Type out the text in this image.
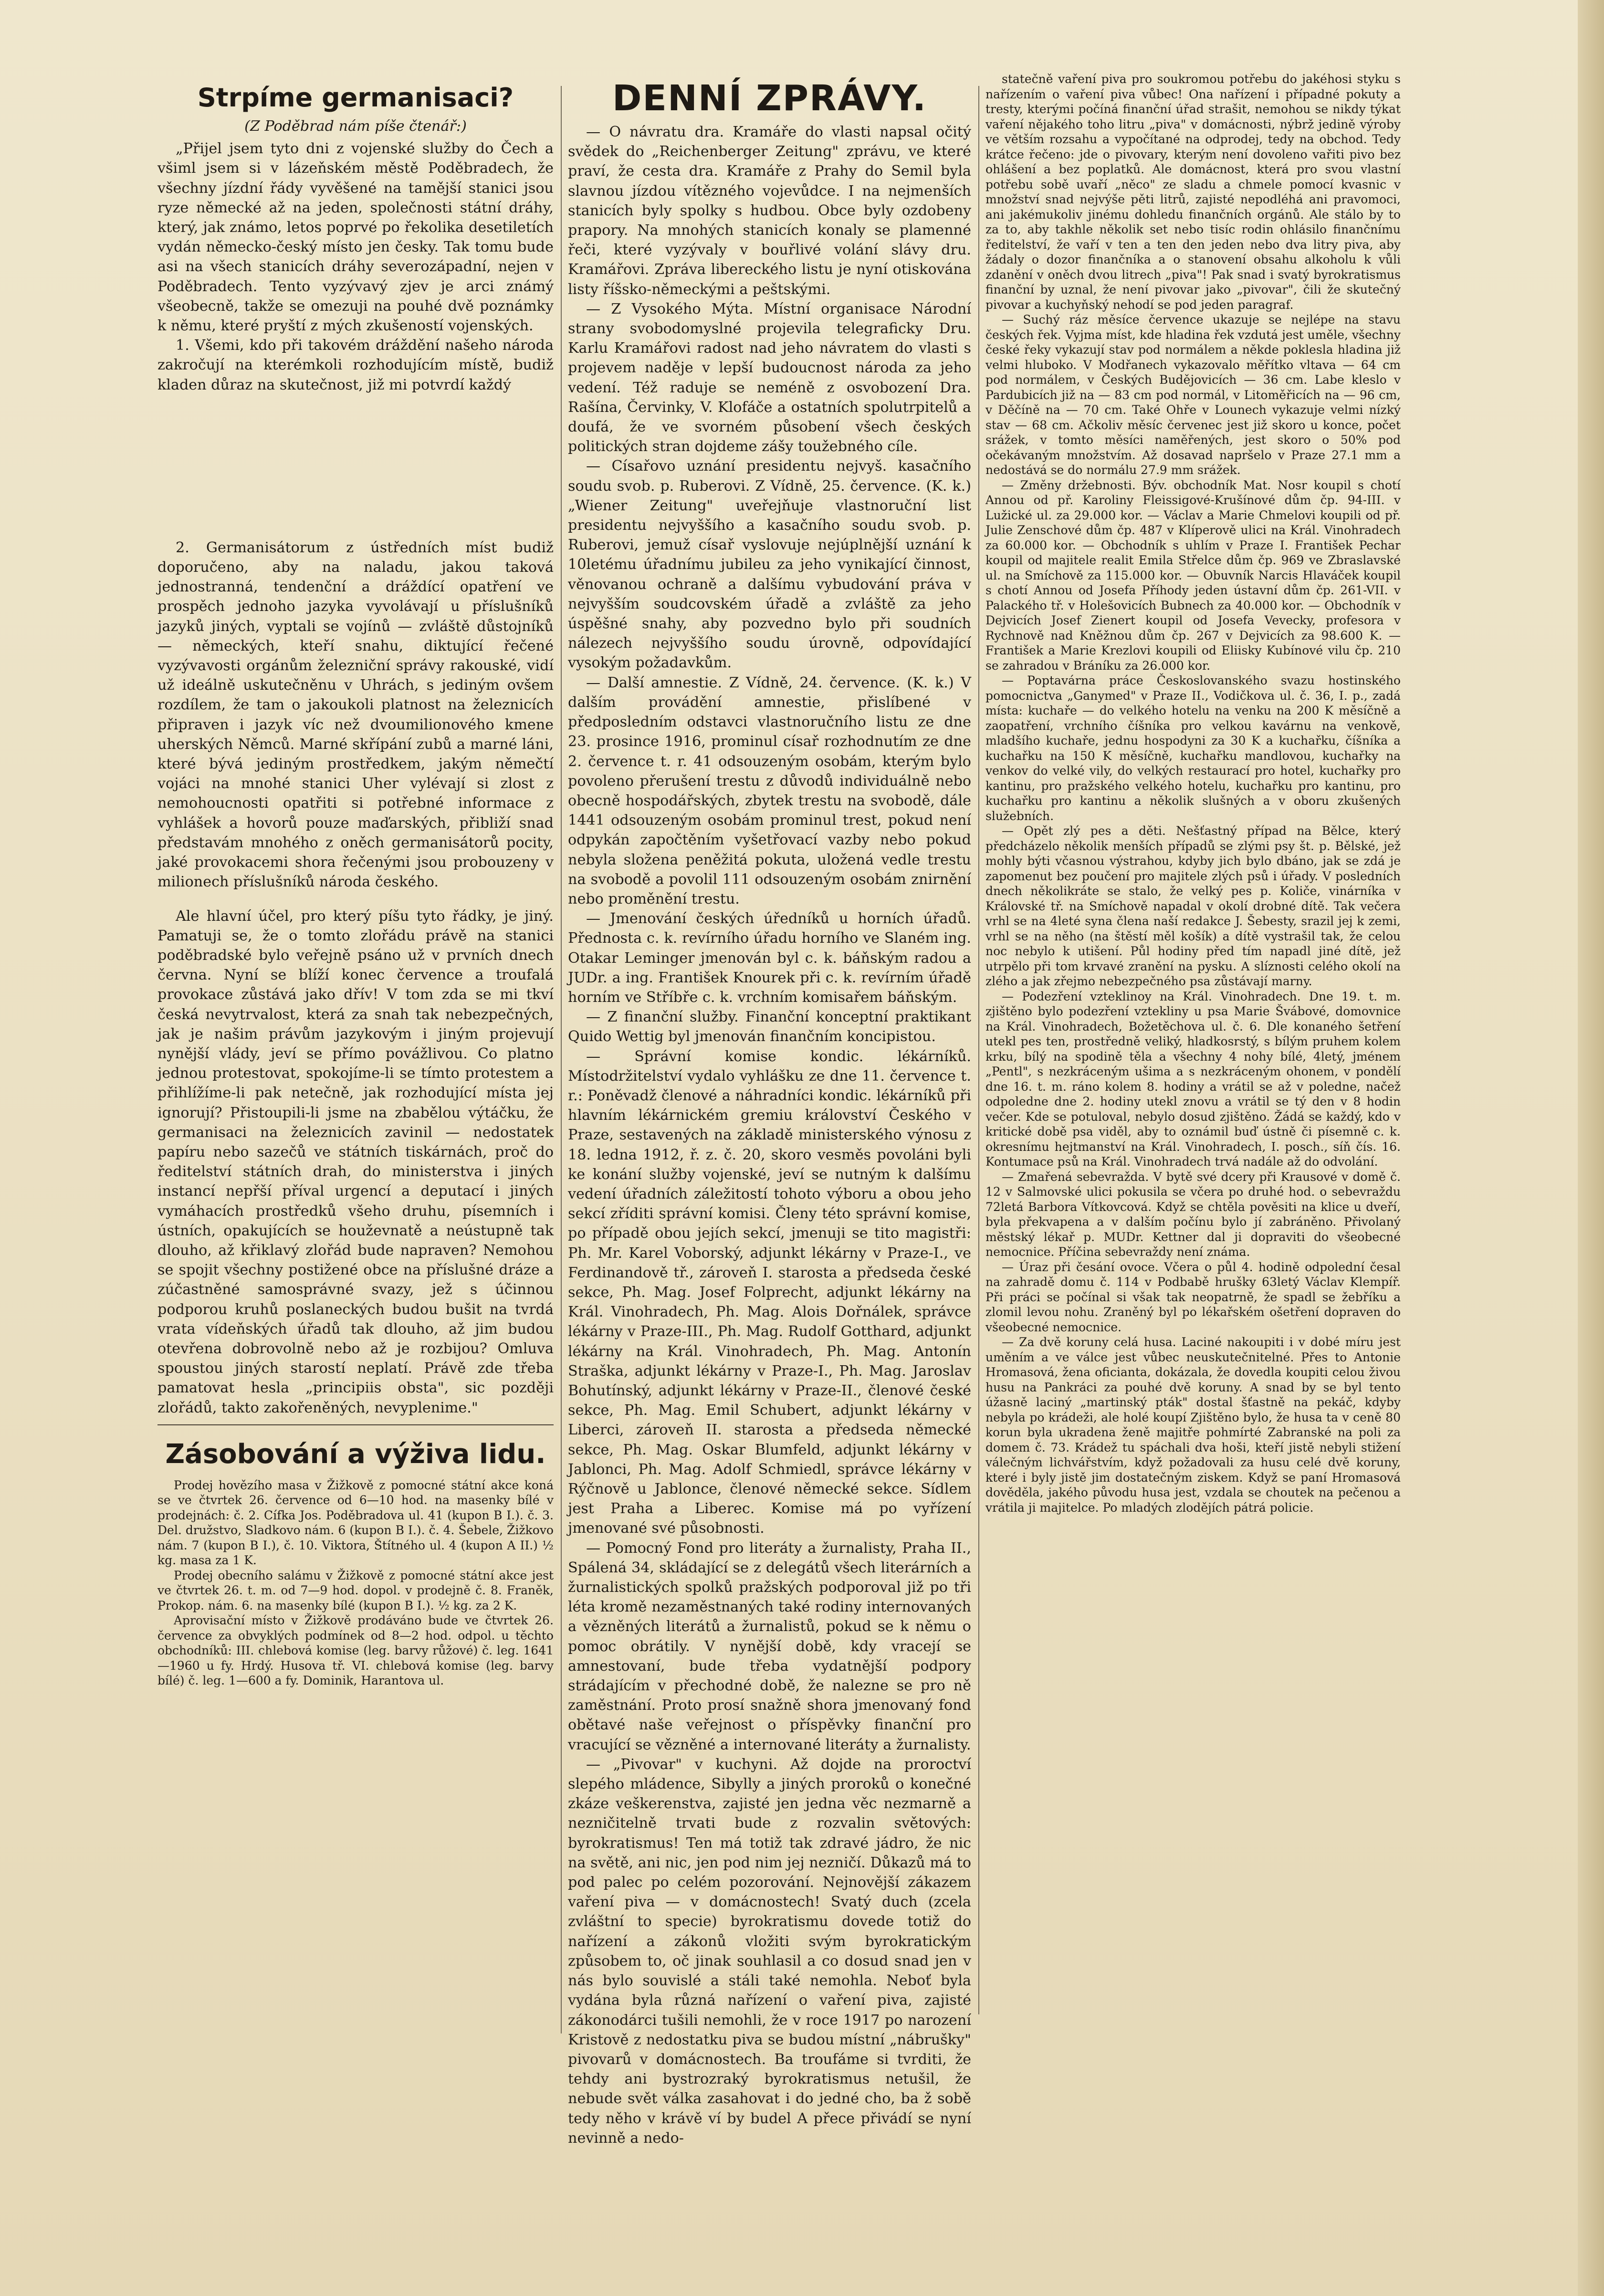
Strpíme germanisaci?
(Z Poděbrad nám píše čtenář:)

„Přijel jsem tyto dni z vojenské služby do Čech a všiml jsem si v lázeňském městě Poděbradech, že všechny jízdní řády vyvěšené na tamější stanici jsou ryze německé až na jeden, společnosti státní dráhy, který, jak známo, letos poprvé po řekolika desetiletích vydán německo-český místo jen česky. Tak tomu bude asi na všech stanicích dráhy severozápadní, nejen v Poděbradech. Tento vyzývavý zjev je arci známý všeobecně, takže se omezuji na pouhé dvě poznámky k němu, které pryští z mých zkušeností vojenských.

1. Všemi, kdo při takovém dráždění našeho národa zakročují na kterémkoli rozhodujícím místě, budiž kladen důraz na skutečnost, již mi potvrdí každý

2. Germanisátorum z ústředních míst budiž doporučeno, aby na naladu, jakou taková jednostranná, tendenční a dráždící opatření ve prospěch jednoho jazyka vyvolávají u příslušníků jazyků jiných, vyptali se vojínů — zvláště důstojníků — německých, kteří snahu, diktující řečené vyzývavosti orgánům železniční správy rakouské, vidí už ideálně uskutečněnu v Uhrách, s jediným ovšem rozdílem, že tam o jakoukoli platnost na železnicích připraven i jazyk víc než dvoumilionového kmene uherských Němců. Marné skřípání zubů a marné láni, které bývá jediným prostředkem, jakým němečtí vojáci na mnohé stanici Uher vylévají si zlost z nemohoucnosti opatřiti si potřebné informace z vyhlášek a hovorů pouze maďarských, přibliží snad představám mnohého z oněch germanisátorů pocity, jaké provokacemi shora řečenými jsou probouzeny v milionech příslušníků národa českého.

Ale hlavní účel, pro který píšu tyto řádky, je jiný. Pamatuji se, že o tomto zlořádu právě na stanici poděbradské bylo veřejně psáno už v prvních dnech června. Nyní se blíží konec července a troufalá provokace zůstává jako dřív! V tom zda se mi tkví česká nevytrvalost, která za snah tak nebezpečných, jak je našim právům jazykovým i jiným projevují nynější vlády, jeví se přímo povážlivou. Co platno jednou protestovat, spokojíme-li se tímto protestem a přihlížíme-li pak netečně, jak rozhodující místa jej ignorují? Přistoupili-li jsme na zbabělou výtáčku, že germanisaci na železnicích zavinil — nedostatek papíru nebo sazečů ve státních tiskárnách, proč do ředitelství státních drah, do ministerstva i jiných instancí nepřší příval urgencí a deputací i jiných vymáhacích prostředků všeho druhu, písemních i ústních, opakujících se houževnatě a neústupně tak dlouho, až křiklavý zlořád bude napraven? Nemohou se spojit všechny postižené obce na příslušné dráze a zúčastněné samosprávné svazy, jež s účinnou podporou kruhů poslaneckých budou bušit na tvrdá vrata vídeňských úřadů tak dlouho, až jim budou otevřena dobrovolně nebo až je rozbijou? Omluva spoustou jiných starostí neplatí. Právě zde třeba pamatovat hesla „principiis obsta", sic později zlořádů, takto zakořeněných, nevyplenime."

Zásobování a výživa lidu.

Prodej hovězího masa v Žižkově z pomocné státní akce koná se ve čtvrtek 26. července od 6—10 hod. na masenky bílé v prodejnách: č. 2. Cífka Jos. Poděbradova ul. 41 (kupon B I.). č. 3. Del. družstvo, Sladkovo nám. 6 (kupon B I.). č. 4. Šebele, Žižkovo nám. 7 (kupon B I.), č. 10. Viktora, Štítného ul. 4 (kupon A II.) ½ kg. masa za 1 K.

Prodej obecního salámu v Žižkově z pomocné státní akce jest ve čtvrtek 26. t. m. od 7—9 hod. dopol. v prodejně č. 8. Franěk, Prokop. nám. 6. na masenky bílé (kupon B I.). ½ kg. za 2 K.

Aprovisační místo v Žižkově prodáváno bude ve čtvrtek 26. července za obvyklých podmínek od 8—2 hod. odpol. u těchto obchodníků: III. chlebová komise (leg. barvy růžové) č. leg. 1641—1960 u fy. Hrdý. Husova tř. VI. chlebová komise (leg. barvy bílé) č. leg. 1—600 a fy. Dominik, Harantova ul.

DENNÍ ZPRÁVY.

— O návratu dra. Kramáře do vlasti napsal očitý svědek do „Reichenberger Zeitung" zprávu, ve které praví, že cesta dra. Kramáře z Prahy do Semil byla slavnou jízdou vítězného vojevůdce. I na nejmenších stanicích byly spolky s hudbou. Obce byly ozdobeny prapory. Na mnohých stanicích konaly se plamenné řeči, které vyzývaly v bouřlivé volání slávy dru. Kramářovi. Zpráva libereckého listu je nyní otiskována listy říšsko-německými a peštskými.

— Z Vysokého Mýta. Místní organisace Národní strany svobodomyslné projevila telegraficky Dru. Karlu Kramářovi radost nad jeho návratem do vlasti s projevem naděje v lepší budoucnost národa za jeho vedení. Též raduje se neméně z osvobození Dra. Rašína, Červinky, V. Klofáče a ostatních spolutrpitelů a doufá, že ve svorném působení všech českých politických stran dojdeme zášy toužebného cíle.

— Císařovo uznání presidentu nejvyš. kasačního soudu svob. p. Ruberovi. Z Vídně, 25. července. (K. k.) „Wiener Zeitung" uveřejňuje vlastnoruční list presidentu nejvyššího a kasačního soudu svob. p. Ruberovi, jemuž císař vyslovuje nejúplnější uznání k 10letému úřadnímu jubileu za jeho vynikající činnost, věnovanou ochraně a dalšímu vybudování práva v nejvyšším soudcovském úřadě a zvláště za jeho úspěšné snahy, aby pozvedno bylo při soudních nálezech nejvyššího soudu úrovně, odpovídající vysokým požadavkům.

— Další amnestie. Z Vídně, 24. července. (K. k.) V dalším provádění amnestie, přislíbené v předposledním odstavci vlastnoručního listu ze dne 23. prosince 1916, prominul císař rozhodnutím ze dne 2. července t. r. 41 odsouzeným osobám, kterým bylo povoleno přerušení trestu z důvodů individuálně nebo obecně hospodářských, zbytek trestu na svobodě, dále 1441 odsouzeným osobám prominul trest, pokud není odpykán započtěním vyšetřovací vazby nebo pokud nebyla složena peněžitá pokuta, uložená vedle trestu na svobodě a povolil 111 odsouzeným osobám znirnění nebo proměnění trestu.

— Jmenování českých úředníků u horních úřadů. Přednosta c. k. revírního úřadu horního ve Slaném ing. Otakar Leminger jmenován byl c. k. báňským radou a JUDr. a ing. František Knourek při c. k. revírním úřadě horním ve Stříbře c. k. vrchním komisařem báňským.

— Z finanční služby. Finanční konceptní praktikant Quido Wettig byl jmenován finančním koncipistou.

— Správní komise kondic. lékárníků. Místodržitelství vydalo vyhlášku ze dne 11. července t. r.: Poněvadž členové a náhradníci kondic. lékárníků při hlavním lékárnickém gremiu království Českého v Praze, sestavených na základě ministerského výnosu z 18. ledna 1912, ř. z. č. 20, skoro vesměs povoláni byli ke konání služby vojenské, jeví se nutným k dalšímu vedení úřadních záležitostí tohoto výboru a obou jeho sekcí zříditi správní komisi. Členy této správní komise, po případě obou jejích sekcí, jmenuji se tito magistři: Ph. Mr. Karel Voborský, adjunkt lékárny v Praze-I., ve Ferdinandově tř., zároveň I. starosta a předseda české sekce, Ph. Mag. Josef Folprecht, adjunkt lékárny na Král. Vinohradech, Ph. Mag. Alois Dořnálek, správce lékárny v Praze-III., Ph. Mag. Rudolf Gotthard, adjunkt lékárny na Král. Vinohradech, Ph. Mag. Antonín Straška, adjunkt lékárny v Praze-I., Ph. Mag. Jaroslav Bohutínský, adjunkt lékárny v Praze-II., členové české sekce, Ph. Mag. Emil Schubert, adjunkt lékárny v Liberci, zároveň II. starosta a předseda německé sekce, Ph. Mag. Oskar Blumfeld, adjunkt lékárny v Jablonci, Ph. Mag. Adolf Schmiedl, správce lékárny v Rýčnově u Jablonce, členové německé sekce. Sídlem jest Praha a Liberec. Komise má po vyřízení jmenované své působnosti.

— Pomocný Fond pro literáty a žurnalisty, Praha II., Spálená 34, skládající se z delegátů všech literárních a žurnalistických spolků pražských podporoval již po tři léta kromě nezaměstnaných také rodiny internovaných a vězněných literátů a žurnalistů, pokud se k němu o pomoc obrátily. V nynější době, kdy vracejí se amnestovaní, bude třeba vydatnější podpory strádajícím v přechodné době, že nalezne se pro ně zaměstnání. Proto prosí snažně shora jmenovaný fond obětavé naše veřejnost o příspěvky finanční pro vracující se vězněné a internované literáty a žurnalisty.

— „Pivovar" v kuchyni. Až dojde na proroctví slepého mládence, Sibylly a jiných proroků o konečné zkáze veškerenstva, zajisté jen jedna věc nezmarně a nezničitelně trvati bude z rozvalin světových: byrokratismus! Ten má totiž tak zdravé jádro, že nic na světě, ani nic, jen pod nim jej nezničí. Důkazů má to pod palec po celém pozorování. Nejnovější zákazem vaření piva — v domácnostech! Svatý duch (zcela zvláštní to specie) byrokratismu dovede totiž do nařízení a zákonů vložiti svým byrokratickým způsobem to, oč jinak souhlasil a co dosud snad jen v nás bylo souvislé a stáli také nemohla. Neboť byla vydána byla různá nařízení o vaření piva, zajisté zákonodárci tušili nemohli, že v roce 1917 po narození Kristově z nedostatku piva se budou místní „nábrušky" pivovarů v domácnostech. Ba troufáme si tvrditi, že tehdy ani bystrozraký byrokratismus netušil, že nebude svět válka zasahovat i do jedné cho, ba ž sobě tedy něho v krávě ví by budel A přece přivádí se nyní nevinně a nedo-

statečně vaření piva pro soukromou potřebu do jakéhosi styku s nařízením o vaření piva vůbec! Ona nařízení i případné pokuty a tresty, kterými počíná finanční úřad strašit, nemohou se nikdy týkat vaření nějakého toho litru „piva" v domácnosti, nýbrž jedině výroby ve větším rozsahu a vypočítané na odprodej, tedy na obchod. Tedy krátce řečeno: jde o pivovary, kterým není dovoleno vařiti pivo bez ohlášení a bez poplatků. Ale domácnost, která pro svou vlastní potřebu sobě uvaří „něco" ze sladu a chmele pomocí kvasnic v množství snad nejvýše pěti litrů, zajisté nepodléhá ani pravomoci, ani jakémukoliv jinému dohledu finančních orgánů. Ale stálo by to za to, aby takhle několik set nebo tisíc rodin ohlásilo finančnímu ředitelství, že vaří v ten a ten den jeden nebo dva litry piva, aby žádaly o dozor finančníka a o stanovení obsahu alkoholu k vůli zdanění v oněch dvou litrech „piva"! Pak snad i svatý byrokratismus finanční by uznal, že není pivovar jako „pivovar", čili že skutečný pivovar a kuchyňský nehodí se pod jeden paragraf.

— Suchý ráz měsíce července ukazuje se nejlépe na stavu českých řek. Vyjma míst, kde hladina řek vzdutá jest uměle, všechny české řeky vykazují stav pod normálem a někde poklesla hladina již velmi hluboko. V Modřanech vykazovalo měřítko vltava — 64 cm pod normálem, v Českých Budějovicích — 36 cm. Labe kleslo v Pardubicích již na — 83 cm pod normál, v Litoměřicích na — 96 cm, v Děčíně na — 70 cm. Také Ohře v Lounech vykazuje velmi nízký stav — 68 cm. Ačkoliv měsíc červenec jest již skoro u konce, počet srážek, v tomto měsíci naměřených, jest skoro o 50% pod očekávaným množstvím. Až dosavad napršelo v Praze 27.1 mm a nedostává se do normálu 27.9 mm srážek.

— Změny držebnosti. Býv. obchodník Mat. Nosr koupil s chotí Annou od př. Karoliny Fleissigové-Krušínové dům čp. 94-III. v Lužické ul. za 29.000 kor. — Václav a Marie Chmelovi koupili od př. Julie Zenschové dům čp. 487 v Klíperově ulici na Král. Vinohradech za 60.000 kor. — Obchodník s uhlím v Praze I. František Pechar koupil od majitele realit Emila Střelce dům čp. 969 ve Zbraslavské ul. na Smíchově za 115.000 kor. — Obuvník Narcis Hlaváček koupil s chotí Annou od Josefa Příhody jeden ústavní dům čp. 261-VII. v Palackého tř. v Holešovicích Bubnech za 40.000 kor. — Obchodník v Dejvicích Josef Zienert koupil od Josefa Vevecky, profesora v Rychnově nad Kněžnou dům čp. 267 v Dejvicích za 98.600 K. — František a Marie Krezlovi koupili od Eliisky Kubínové vilu čp. 210 se zahradou v Bráníku za 26.000 kor.

— Poptavárna práce Českoslovanského svazu hostinského pomocnictva „Ganymed" v Praze II., Vodičkova ul. č. 36, I. p., zadá místa: kuchaře — do velkého hotelu na venku na 200 K měsíčně a zaopatření, vrchního číšníka pro velkou kavárnu na venkově, mladšího kuchaře, jednu hospodyni za 30 K a kuchařku, číšníka a kuchařku na 150 K měsíčně, kuchařku mandlovou, kuchařky na venkov do velké vily, do velkých restaurací pro hotel, kuchařky pro kantinu, pro pražského velkého hotelu, kuchařku pro kantinu, pro kuchařku pro kantinu a několik slušných a v oboru zkušených služebních.

— Opět zlý pes a děti. Nešťastný případ na Bělce, který předcházelo několik menších případů se zlými psy št. p. Bělské, jež mohly býti včasnou výstrahou, kdyby jich bylo dbáno, jak se zdá je zapomenut bez poučení pro majitele zlých psů i úřady. V posledních dnech několikráte se stalo, že velký pes p. Količe, vinárníka v Královské tř. na Smíchově napadal v okolí drobné dítě. Tak večera vrhl se na 4leté syna člena naší redakce J. Šebesty, srazil jej k zemi, vrhl se na něho (na štěstí měl košík) a dítě vystrašil tak, že celou noc nebylo k utišení. Půl hodiny před tím napadl jiné dítě, jež utrpělo při tom krvavé zranění na pysku. A slíznosti celého okolí na zlého a jak zřejmo nebezpečného psa zůstávají marny.

— Podezření vzteklinoy na Král. Vinohradech. Dne 19. t. m. zjištěno bylo podezření vztekliny u psa Marie Švábové, domovnice na Král. Vinohradech, Božetěchova ul. č. 6. Dle konaného šetření utekl pes ten, prostředně veliký, hladkosrstý, s bílým pruhem kolem krku, bílý na spodině těla a všechny 4 nohy bílé, 4letý, jménem „Pentl", s nezkráceným ušima a s nezkráceným ohonem, v pondělí dne 16. t. m. ráno kolem 8. hodiny a vrátil se až v poledne, načež odpoledne dne 2. hodiny utekl znovu a vrátil se tý den v 8 hodin večer. Kde se potuloval, nebylo dosud zjištěno. Žádá se každý, kdo v kritické době psa viděl, aby to oznámil buď ústně či písemně c. k. okresnímu hejtmanství na Král. Vinohradech, I. posch., síň čís. 16. Kontumace psů na Král. Vinohradech trvá nadále až do odvolání.

— Zmařená sebevražda. V bytě své dcery při Krausové v domě č. 12 v Salmovské ulici pokusila se včera po druhé hod. o sebevraždu 72letá Barbora Vítkovcová. Když se chtěla pověsiti na klice u dveří, byla překvapena a v dalším počínu bylo jí zabráněno. Přivolaný městský lékař p. MUDr. Kettner dal ji dopraviti do všeobecné nemocnice. Příčina sebevraždy není známa.

— Úraz při česání ovoce. Včera o půl 4. hodině odpolední česal na zahradě domu č. 114 v Podbabě hrušky 63letý Václav Klempíř. Při práci se počínal si však tak neopatrně, že spadl se žebříku a zlomil levou nohu. Zraněný byl po lékařském ošetření dopraven do všeobecné nemocnice.

— Za dvě koruny celá husa. Laciné nakoupiti i v dobé míru jest uměním a ve válce jest vůbec neuskutečnitelné. Přes to Antonie Hromasová, žena oficianta, dokázala, že dovedla koupiti celou živou husu na Pankráci za pouhé dvě koruny. A snad by se byl tento úžasně laciný „martinský pták" dostal šťastně na pekáč, kdyby nebyla po krádeži, ale holé koupí Zjištěno bylo, že husa ta v ceně 80 korun byla ukradena ženě majitře pohmírté Zabranské na poli za domem č. 73. Krádež tu spáchali dva hoši, kteří jistě nebyli stižení válečným lichvářstvím, když požadovali za husu celé dvě koruny, které i byly jistě jim dostatečným ziskem. Když se paní Hromasová dověděla, jakého původu husa jest, vzdala se choutek na pečenou a vrátila ji majitelce. Po mladých zlodějích pátrá policie.
